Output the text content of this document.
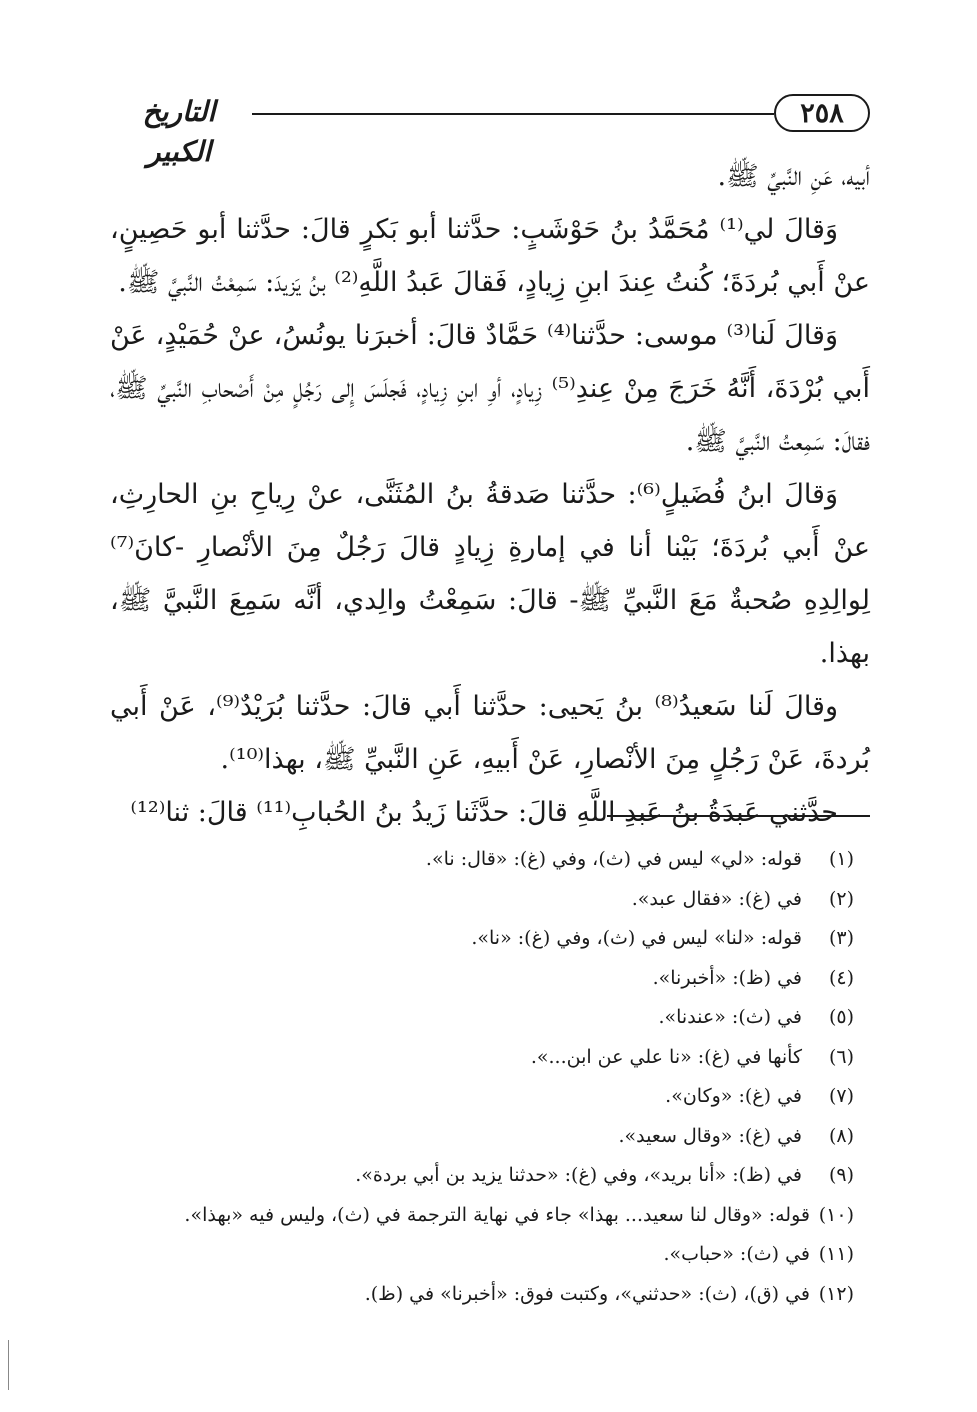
٢٥٨
التاريخ الكبير

أبيه، عَنِ النَّبيِّ ﷺ.

وَقالَ لي⁽¹⁾ مُحَمَّدُ بنُ حَوْشَبٍ: حدَّثنا أبو بَكرٍ قالَ: حدَّثنا أبو حَصِينٍ، عنْ أَبي بُردَةَ؛ كُنتُ عِندَ ابنِ زِيادٍ، فَقالَ عَبدُ اللَّهِ⁽²⁾ بنُ يَزيدَ: سَمِعْتُ النَّبيَّ ﷺ.

وَقالَ لَنا⁽³⁾ موسى: حدَّثنا⁽⁴⁾ حَمَّادٌ قالَ: أخبرَنا يونُسُ، عنْ حُمَيْدٍ، عَنْ أَبي بُرْدَةَ، أَنَّهُ خَرَجَ مِنْ عِندِ⁽⁵⁾ زِيادٍ، أوِ ابنِ زِيادٍ، فَجلَسَ إِلى رَجُلٍ مِنْ أَصْحابِ النَّبيِّ ﷺ، فقالَ: سَمِعتُ النَّبيَّ ﷺ.

وَقالَ ابنُ فُضَيلٍ⁽⁶⁾: حدَّثنا صَدقةُ بنُ المُثَنَّى، عنْ رِياحِ بنِ الحارِثِ، عنْ أَبي بُردَةَ؛ بَيْنا أنا في إمارةِ زِيادٍ قالَ رَجُلٌ مِنَ الأنْصارِ -كانَ⁽⁷⁾ لِوالِدِهِ صُحبةٌ مَعَ النَّبيِّ ﷺ- قالَ: سَمِعْتُ والِدي، أنَّه سَمِعَ النَّبيَّ ﷺ، بهذا.

وقالَ لَنا سَعيدُ⁽⁸⁾ بنُ يَحيى: حدَّثنا أَبي قالَ: حدَّثنا بُرَيْدٌ⁽⁹⁾، عَنْ أَبي بُردةَ، عَنْ رَجُلٍ مِنَ الأنْصارِ، عَنْ أَبيهِ، عَنِ النَّبيِّ ﷺ، بهذا⁽¹⁰⁾.

حدَّثني عَبدَةُ بنُ عَبدِ اللَّهِ قالَ: حدَّثَنا زَيدُ بنُ الحُبابِ⁽¹¹⁾ قالَ: ثنا⁽¹²⁾

(١)
قوله: «لي» ليس في (ث)، وفي (غ): «قال: نا».
(٢)
في (غ): «فقال عبد».
(٣)
قوله: «لنا» ليس في (ث)، وفي (غ): «نا».
(٤)
في (ظ): «أخبرنا».
(٥)
في (ث): «عندنا».
(٦)
كأنها في (غ): «نا علي عن ابن...».
(٧)
في (غ): «وكان».
(٨)
في (غ): «وقال سعيد».
(٩)
في (ظ): «أنا بريد»، وفي (غ): «حدثنا يزيد بن أبي بردة».
(١٠)
قوله: «وقال لنا سعيد... بهذا» جاء في نهاية الترجمة في (ث)، وليس فيه «بهذا».
(١١)
في (ث): «حباب».
(١٢)
في (ق)، (ث): «حدثني»، وكتبت فوق: «أخبرنا» في (ظ).
